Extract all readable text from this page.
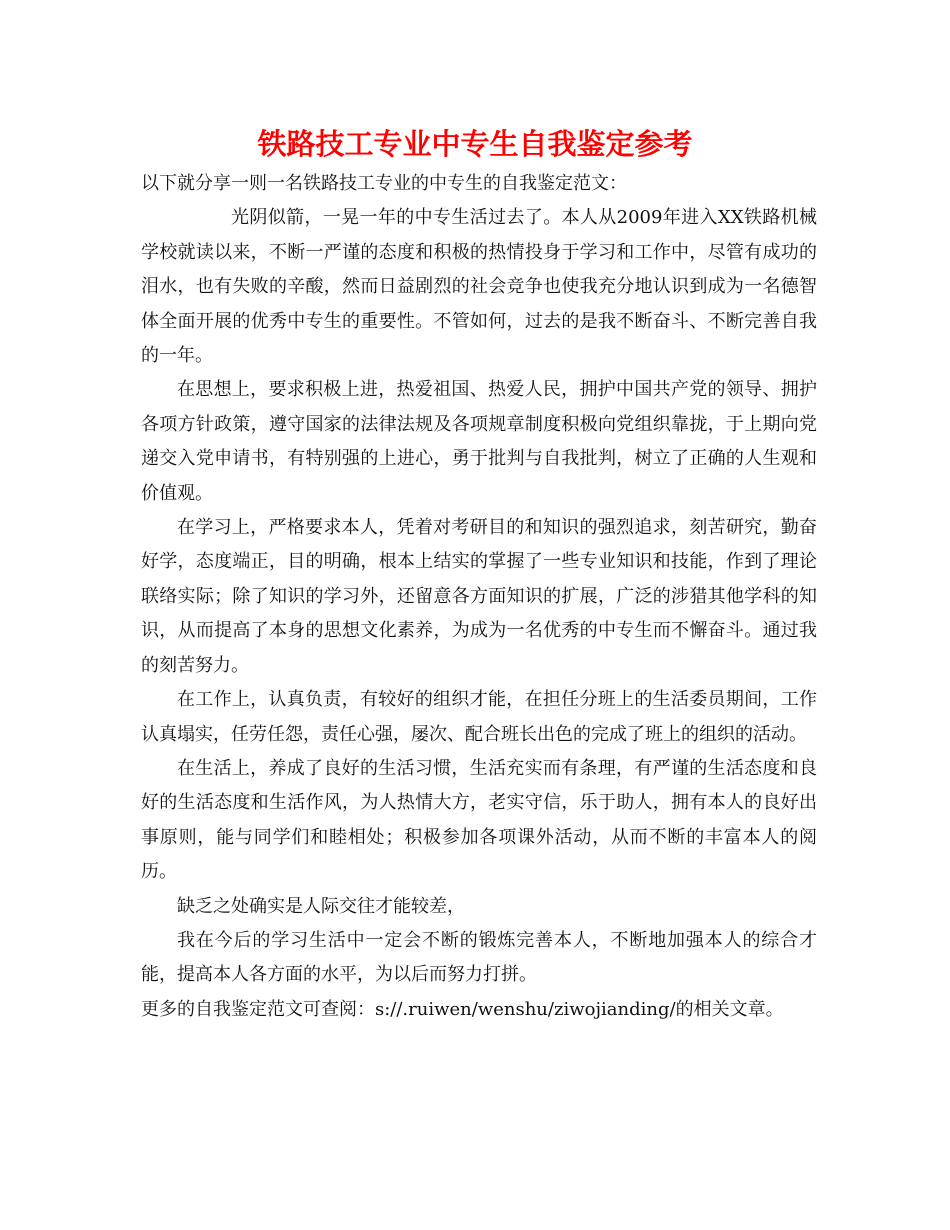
铁路技工专业中专生自我鉴定参考

以下就分享一则一名铁路技工专业的中专生的自我鉴定范文：

光阴似箭，一晃一年的中专生活过去了。本人从2009年进入XX铁路机械学校就读以来，不断一严谨的态度和积极的热情投身于学习和工作中，尽管有成功的泪水，也有失败的辛酸，然而日益剧烈的社会竞争也使我充分地认识到成为一名德智体全面开展的优秀中专生的重要性。不管如何，过去的是我不断奋斗、不断完善自我的一年。

在思想上，要求积极上进，热爱祖国、热爱人民，拥护中国共产党的领导、拥护各项方针政策，遵守国家的法律法规及各项规章制度积极向党组织靠拢，于上期向党递交入党申请书，有特别强的上进心，勇于批判与自我批判，树立了正确的人生观和价值观。

在学习上，严格要求本人，凭着对考研目的和知识的强烈追求，刻苦研究，勤奋好学，态度端正，目的明确，根本上结实的掌握了一些专业知识和技能，作到了理论联络实际；除了知识的学习外，还留意各方面知识的扩展，广泛的涉猎其他学科的知识，从而提高了本身的思想文化素养，为成为一名优秀的中专生而不懈奋斗。通过我的刻苦努力。

在工作上，认真负责，有较好的组织才能，在担任分班上的生活委员期间，工作认真塌实，任劳任怨，责任心强，屡次、配合班长出色的完成了班上的组织的活动。

在生活上，养成了良好的生活习惯，生活充实而有条理，有严谨的生活态度和良好的生活态度和生活作风，为人热情大方，老实守信，乐于助人，拥有本人的良好出事原则，能与同学们和睦相处；积极参加各项课外活动，从而不断的丰富本人的阅历。

缺乏之处确实是人际交往才能较差，

我在今后的学习生活中一定会不断的锻炼完善本人，不断地加强本人的综合才能，提高本人各方面的水平，为以后而努力打拼。

更多的自我鉴定范文可查阅：s://.ruiwen/wenshu/ziwojianding/的相关文章。
